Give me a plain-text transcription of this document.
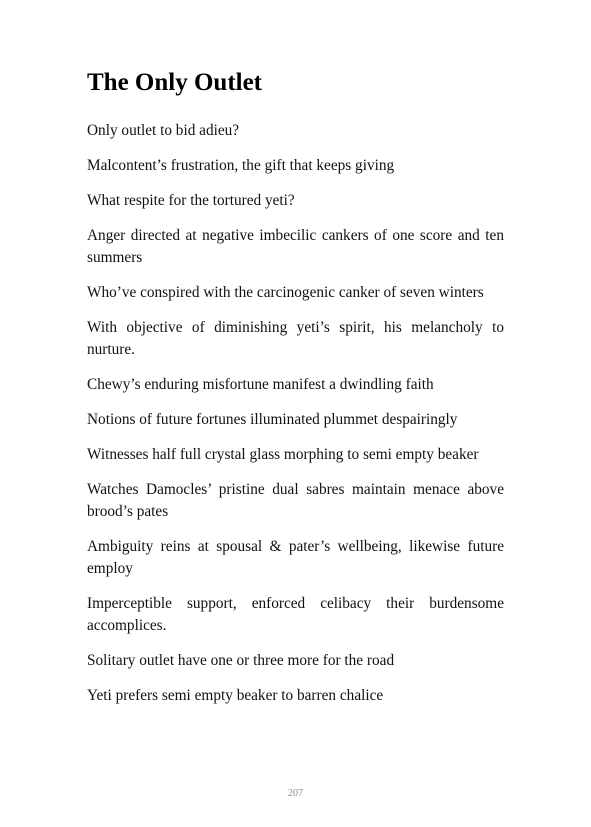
The Only Outlet
Only outlet to bid adieu?
Malcontent’s frustration, the gift that keeps giving
What respite for the tortured yeti?
Anger directed at negative imbecilic cankers of one score and ten summers
Who’ve conspired with the carcinogenic canker of seven winters
With objective of diminishing yeti’s spirit, his melancholy to nurture.
Chewy’s enduring misfortune manifest a dwindling faith
Notions of future fortunes illuminated plummet despairingly
Witnesses half full crystal glass morphing to semi empty beaker
Watches Damocles’ pristine dual sabres maintain menace above brood’s pates
Ambiguity reins at spousal & pater’s wellbeing, likewise future employ
Imperceptible support, enforced celibacy their burdensome accomplices.
Solitary outlet have one or three more for the road
Yeti prefers semi empty beaker to barren chalice
207
